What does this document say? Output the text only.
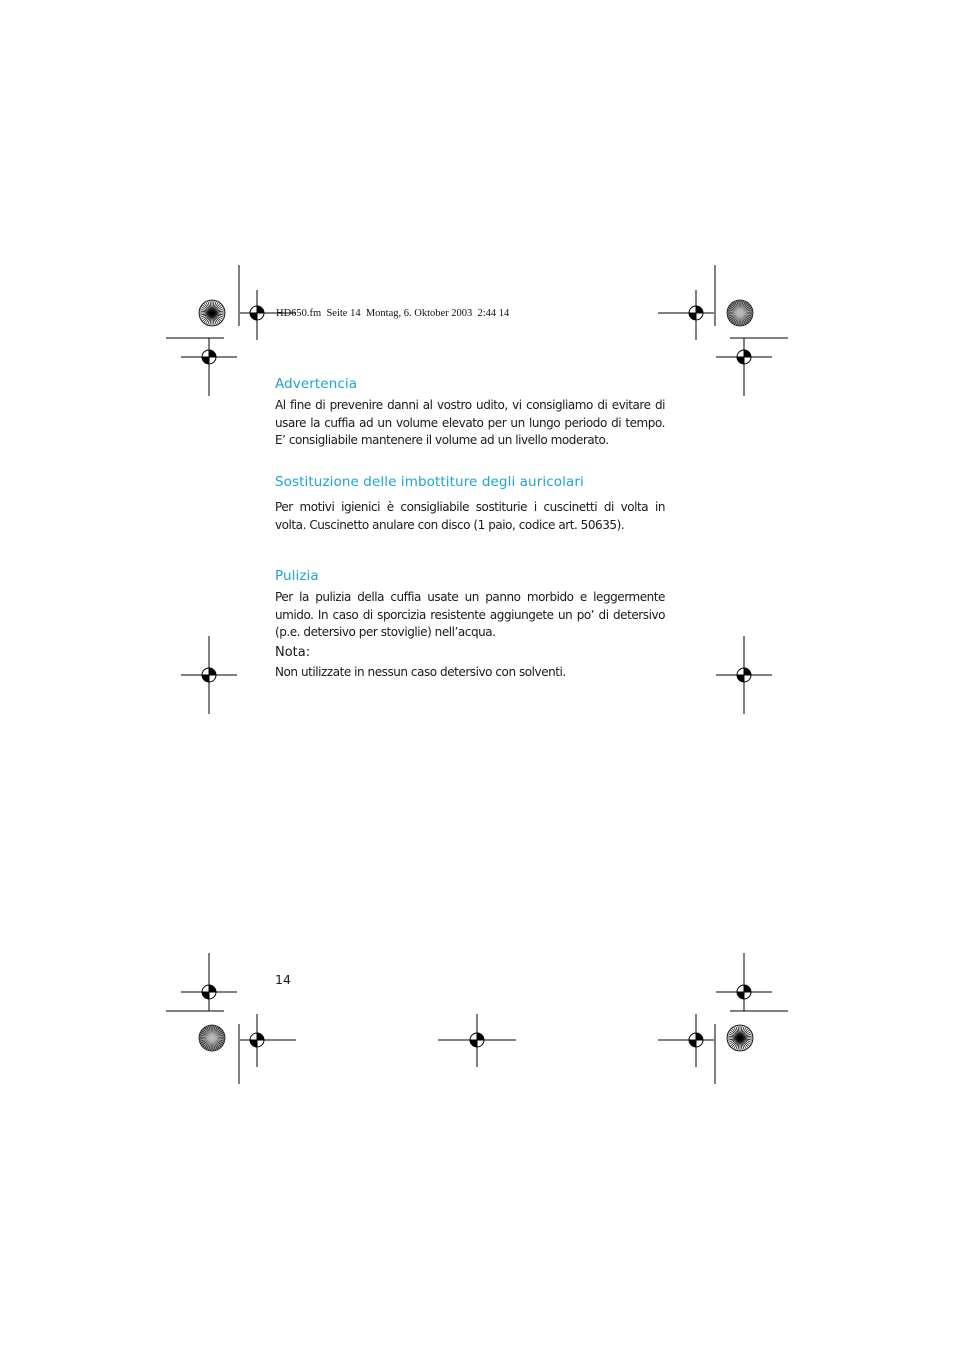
HD650.fm  Seite 14  Montag, 6. Oktober 2003  2:44 14
Advertencia

Al fine di prevenire danni al vostro udito, vi consigliamo di evitare di usare la cuffia ad un volume elevato per un lungo periodo di tempo. E’ consigliabile mantenere il volume ad un livello moderato.

Sostituzione delle imbottiture degli auricolari

Per motivi igienici è consigliabile sostiturie i cuscinetti di volta in volta. Cuscinetto anulare con disco (1 paio, codice art. 50635).

Pulizia

Per la pulizia della cuffia usate un panno morbido e leggermente umido. In caso di sporcizia resistente aggiungete un po’ di detersivo (p.e. detersivo per stoviglie) nell’acqua.

Nota:

Non utilizzate in nessun caso detersivo con solventi.

14
